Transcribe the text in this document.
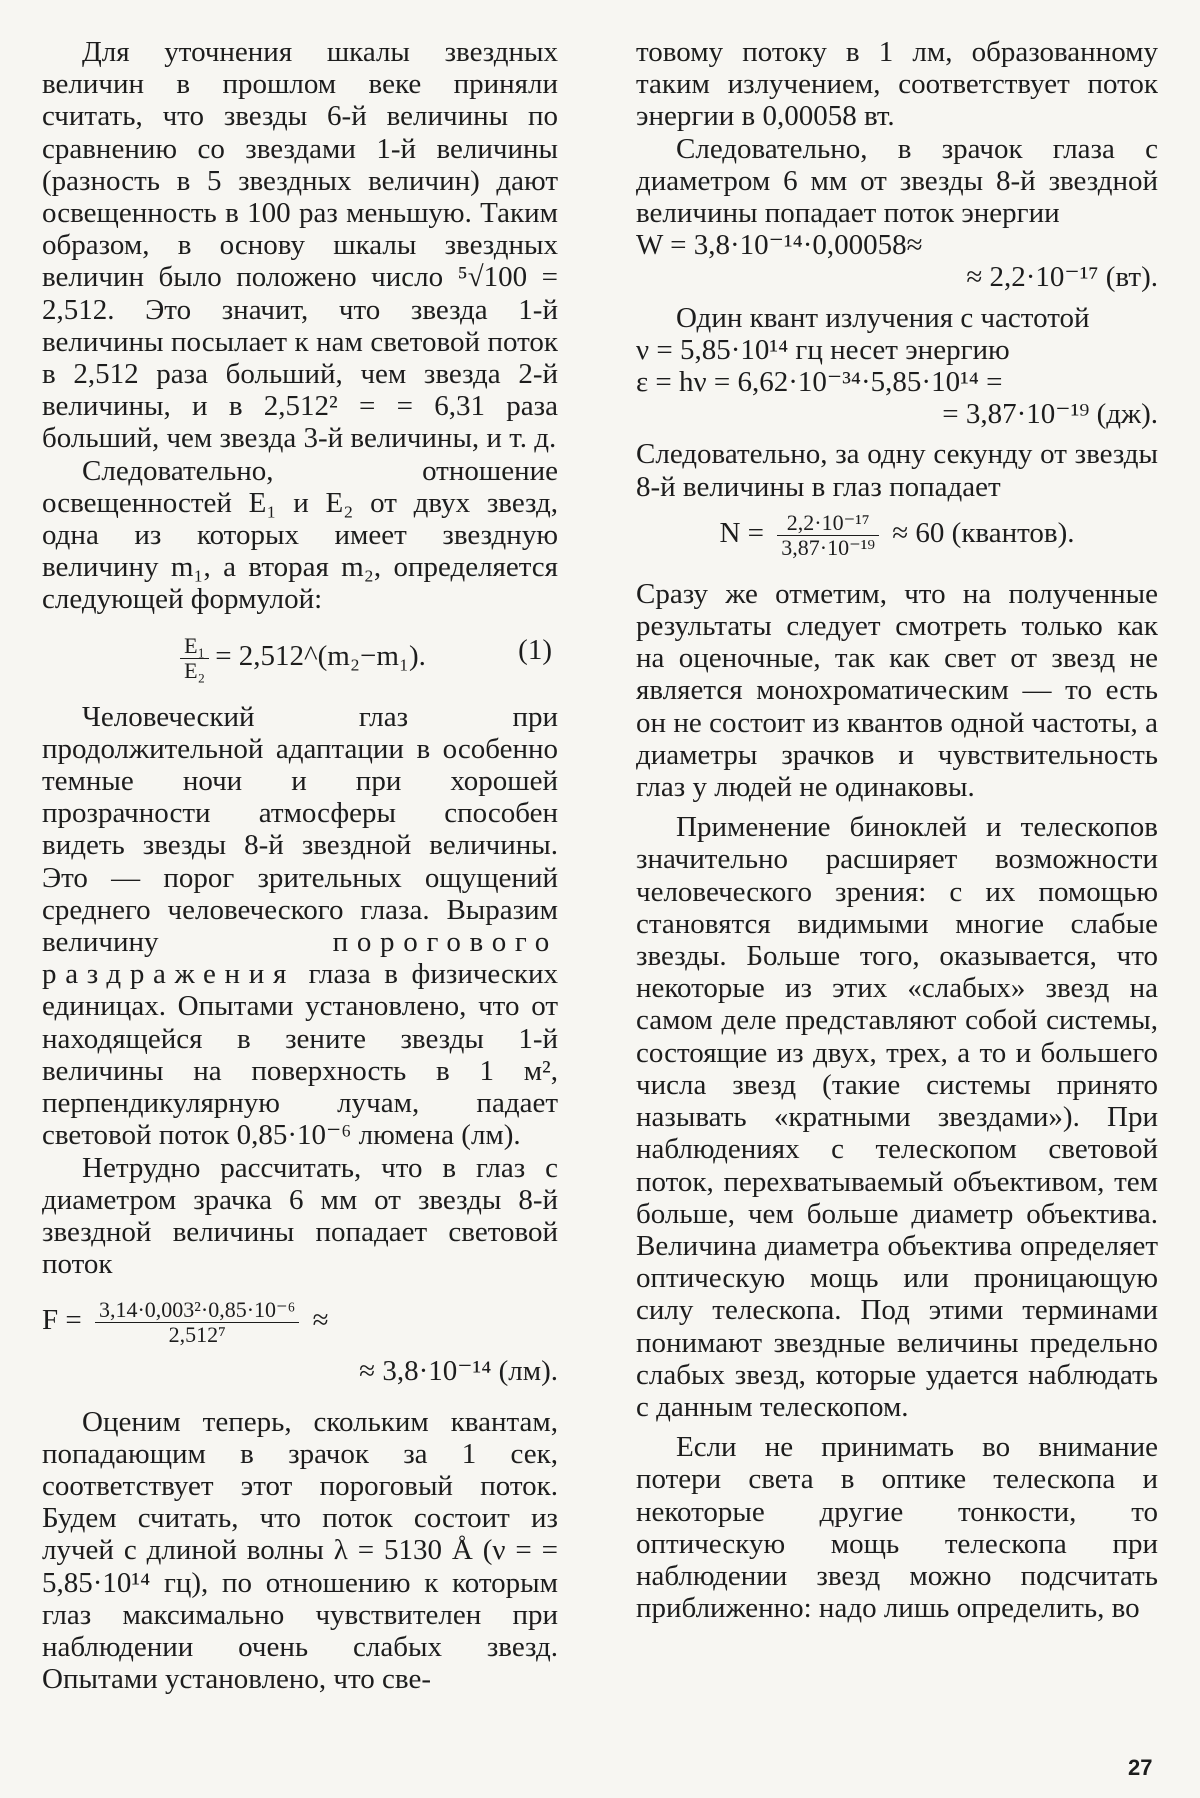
Для уточнения шкалы звездных величин в прошлом веке приняли считать, что звезды 6-й величины по сравнению со звездами 1-й величины (разность в 5 звездных величин) дают освещенность в 100 раз меньшую. Таким образом, в основу шкалы звездных величин было положено число ⁵√100 = 2,512. Это значит, что звезда 1-й величины посылает к нам световой поток в 2,512 раза больший, чем звезда 2-й величины, и в 2,512² = = 6,31 раза больший, чем звезда 3-й величины, и т. д.

Следовательно, отношение освещенностей E₁ и E₂ от двух звезд, одна из которых имеет звездную величину m₁, а вторая m₂, определяется следующей формулой:

$\frac{\text{E₁}}{\text{E₂}}$ = 2,512^(m₂−m₁).	(1)

Человеческий глаз при продолжительной адаптации в особенно темные ночи и при хорошей прозрачности атмосферы способен видеть звезды 8-й звездной величины. Это — порог зрительных ощущений среднего человеческого глаза. Выразим величину	порогового раздражения глаза в физических единицах. Опытами установлено, что от находящейся в зените звезды 1-й величины на поверхность в 1 м², перпендикулярную лучам, падает световой поток 0,85·10⁻⁶ люмена (лм).

Нетрудно рассчитать, что в глаз с диаметром зрачка 6 мм от звезды 8-й звездной величины попадает световой поток

$F = \frac{\text{3,14·0,003²·0,85·10⁻⁶}}{\text{2,512⁷}}$ ≈

≈ 3,8·10⁻¹⁴ (лм).

Оценим теперь, скольким квантам, попадающим в зрачок за 1 сек, соответствует этот пороговый поток. Будем считать, что поток состоит из лучей с длиной волны λ = 5130 Å (ν = = 5,85·10¹⁴ гц), по отношению к которым глаз максимально чувствителен при наблюдении очень слабых звезд. Опытами установлено, что све-

товому потоку в 1 лм, образованному таким излучением, соответствует поток энергии в 0,00058 вт.

Следовательно, в зрачок глаза с диаметром 6 мм от звезды 8-й звездной величины попадает поток энергии

W = 3,8·10⁻¹⁴·0,00058≈

≈ 2,2·10⁻¹⁷ (вт).

Один квант излучения с частотой

ν = 5,85·10¹⁴ гц несет энергию

ε = hν = 6,62·10⁻³⁴·5,85·10¹⁴ =

= 3,87·10⁻¹⁹ (дж).

Следовательно, за одну секунду от звезды 8-й величины в глаз попадает

$N = \frac{\text{2,2·10⁻¹⁷}}{\text{3,87·10⁻¹⁹}} \approx 60$ (квантов).

Сразу же отметим, что на полученные результаты следует смотреть только как на оценочные, так как свет от звезд не является монохроматическим — то есть он не состоит из квантов одной частоты, а диаметры зрачков и чувствительность глаз у людей не одинаковы.

Применение биноклей и телескопов значительно расширяет возможности человеческого зрения: с их помощью становятся видимыми многие слабые звезды. Больше того, оказывается, что некоторые из этих «слабых» звезд на самом деле представляют собой системы, состоящие из двух, трех, а то и большего числа звезд (такие системы принято называть «кратными звездами»). При наблюдениях с телескопом световой поток, перехватываемый объективом, тем больше, чем больше диаметр объектива. Величина диаметра объектива определяет оптическую мощь или проницающую силу телескопа. Под этими терминами понимают звездные величины предельно слабых звезд, которые удается наблюдать с данным телескопом.

Если не принимать во внимание потери света в оптике телескопа и некоторые другие тонкости, то оптическую мощь телескопа при наблюдении звезд можно подсчитать приближенно: надо лишь определить, во

27
